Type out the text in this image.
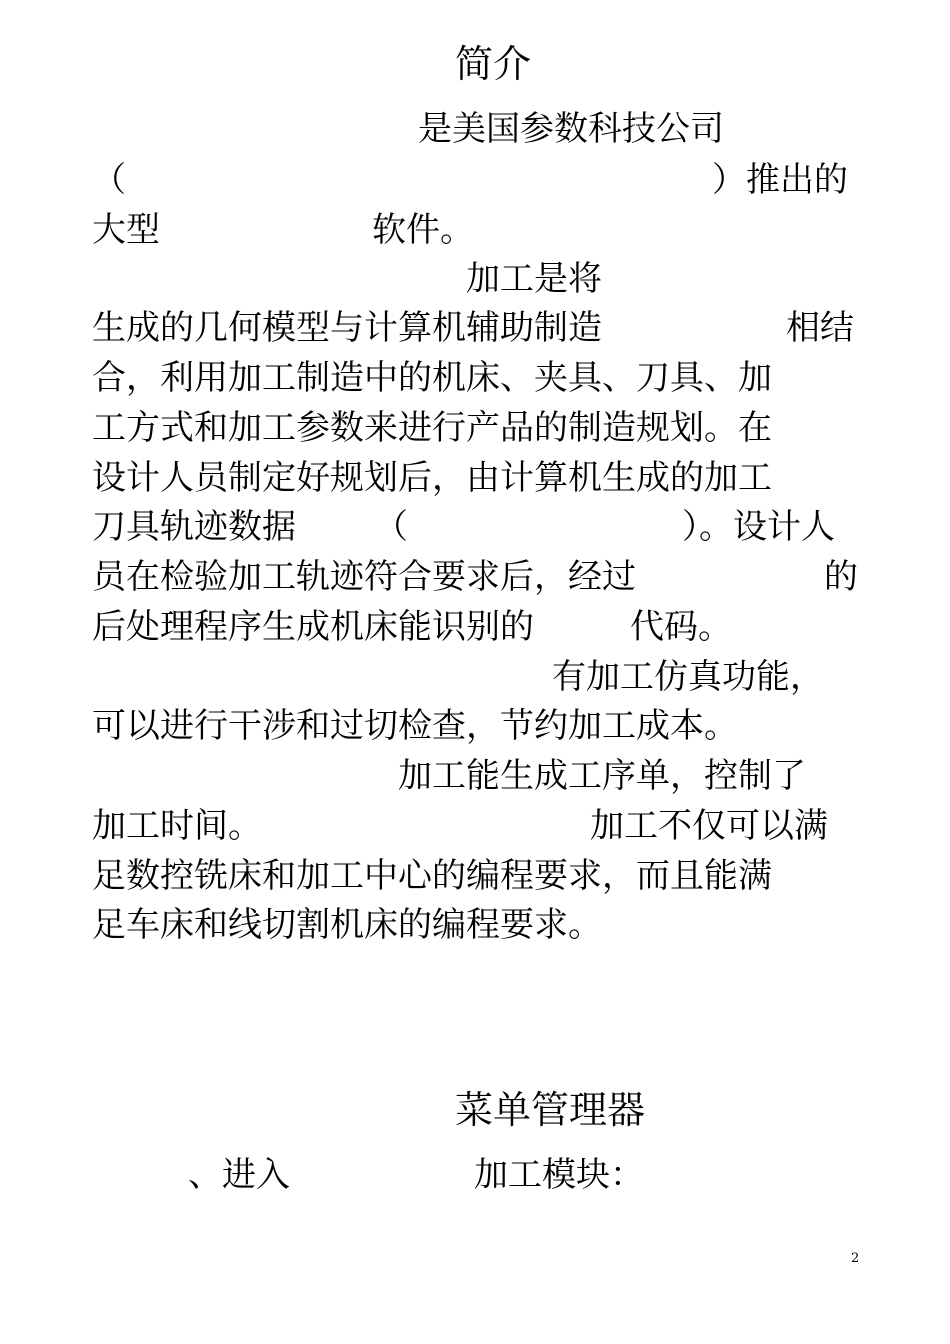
简介
是美国参数科技公司
（	）推出的
大型	软件。
加工是将
生成的几何模型与计算机辅助制造	相结
合，利用加工制造中的机床、夹具、刀具、加
工方式和加工参数来进行产品的制造规划。在
设计人员制定好规划后，由计算机生成的加工
刀具轨迹数据 （	）。设计人
员在检验加工轨迹符合要求后，经过	的
后处理程序生成机床能识别的	代码。
有加工仿真功能，
可以进行干涉和过切检查，节约加工成本。
加工能生成工序单，控制了
加工时间。	加工不仅可以满
足数控铣床和加工中心的编程要求，而且能满
足车床和线切割机床的编程要求。
菜单管理器
、进入	加工模块：
2
